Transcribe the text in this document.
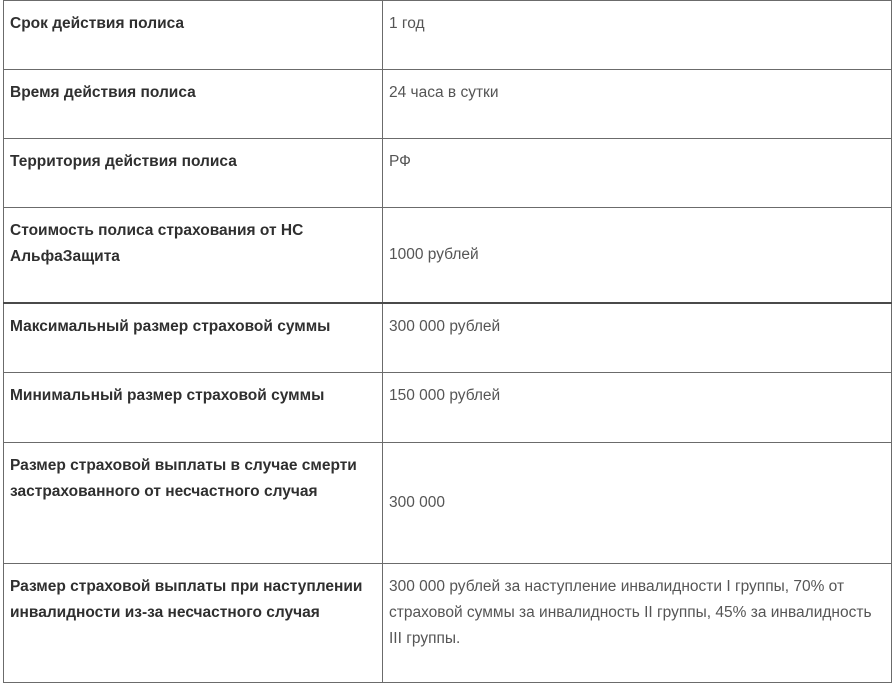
Срок действия полиса	1 год
Время действия полиса	24 часа в сутки
Территория действия полиса	РФ
Стоимость полиса страхования от НС АльфаЗащита	1000 рублей
Максимальный размер страховой суммы	300 000 рублей
Минимальный размер страховой суммы	150 000 рублей
Размер страховой выплаты в случае смерти застрахованного от несчастного случая	300 000
Размер страховой выплаты при наступлении инвалидности из-за несчастного случая	300 000 рублей за наступление инвалидности I группы, 70% от страховой суммы за инвалидность II группы, 45% за инвалидность III группы.
